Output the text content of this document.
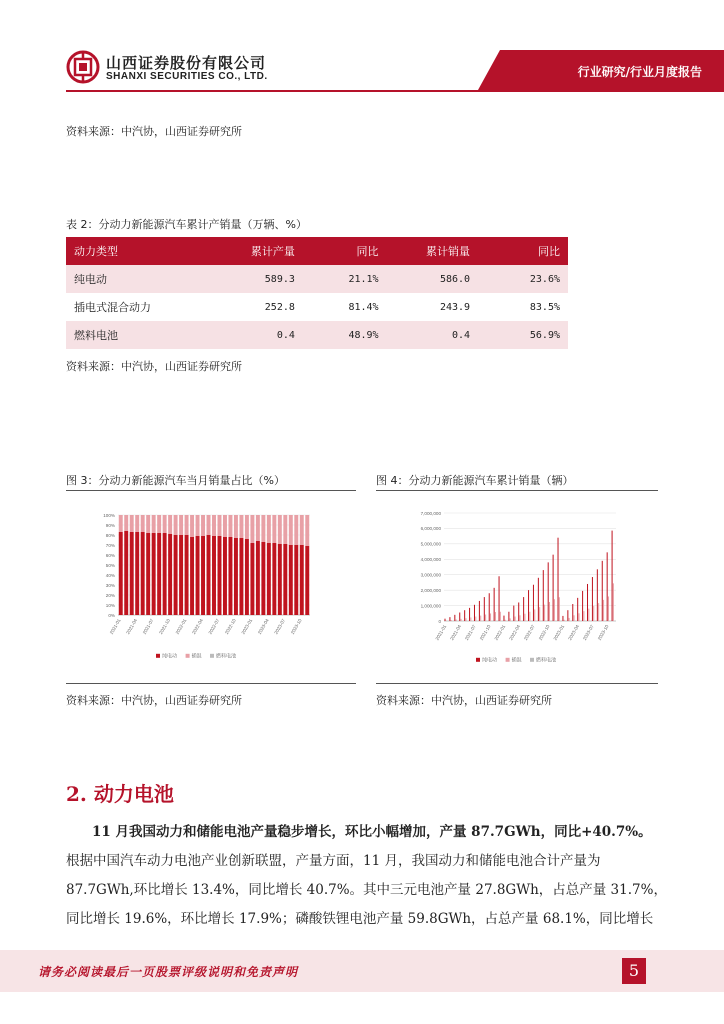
山西证券股份有限公司
SHANXI SECURITIES CO., LTD.	行业研究/行业月度报告
资料来源：中汽协，山西证券研究所
表 2：分动力新能源汽车累计产销量（万辆、%）
动力类型	累计产量	同比	累计销量	同比
纯电动	589.3	21.1%	586.0	23.6%
插电式混合动力	252.8	81.4%	243.9	83.5%
燃料电池	0.4	48.9%	0.4	56.9%
资料来源：中汽协，山西证券研究所
图 3：分动力新能源汽车当月销量占比（%）	图 4：分动力新能源汽车累计销量（辆）
0%
10%
20%
30%
40%
50%
60%
70%
80%
90%
100%
2021-01 2021-04 2021-07 2021-10 2022-01 2022-04 2022-07 2022-10 2023-01 2023-04 2023-07 2023-10
纯电动	插混	燃料电池
0
1,000,000
2,000,000
3,000,000
4,000,000
5,000,000
6,000,000
7,000,000
2021-01 2021-04 2021-07 2021-10 2022-01 2022-04 2022-07 2022-10 2023-01 2023-04 2023-07 2023-10
纯电动	插混	燃料电池
资料来源：中汽协，山西证券研究所	资料来源：中汽协，山西证券研究所
2. 动力电池
11 月我国动力和储能电池产量稳步增长，环比小幅增加，产量 87.7GWh，同比+40.7%。
根据中国汽车动力电池产业创新联盟，产量方面，11 月，我国动力和储能电池合计产量为
87.7GWh,环比增长 13.4%，同比增长 40.7%。其中三元电池产量 27.8GWh，占总产量 31.7%，
同比增长 19.6%，环比增长 17.9%；磷酸铁锂电池产量 59.8GWh，占总产量 68.1%，同比增长
请务必阅读最后一页股票评级说明和免责声明	5
